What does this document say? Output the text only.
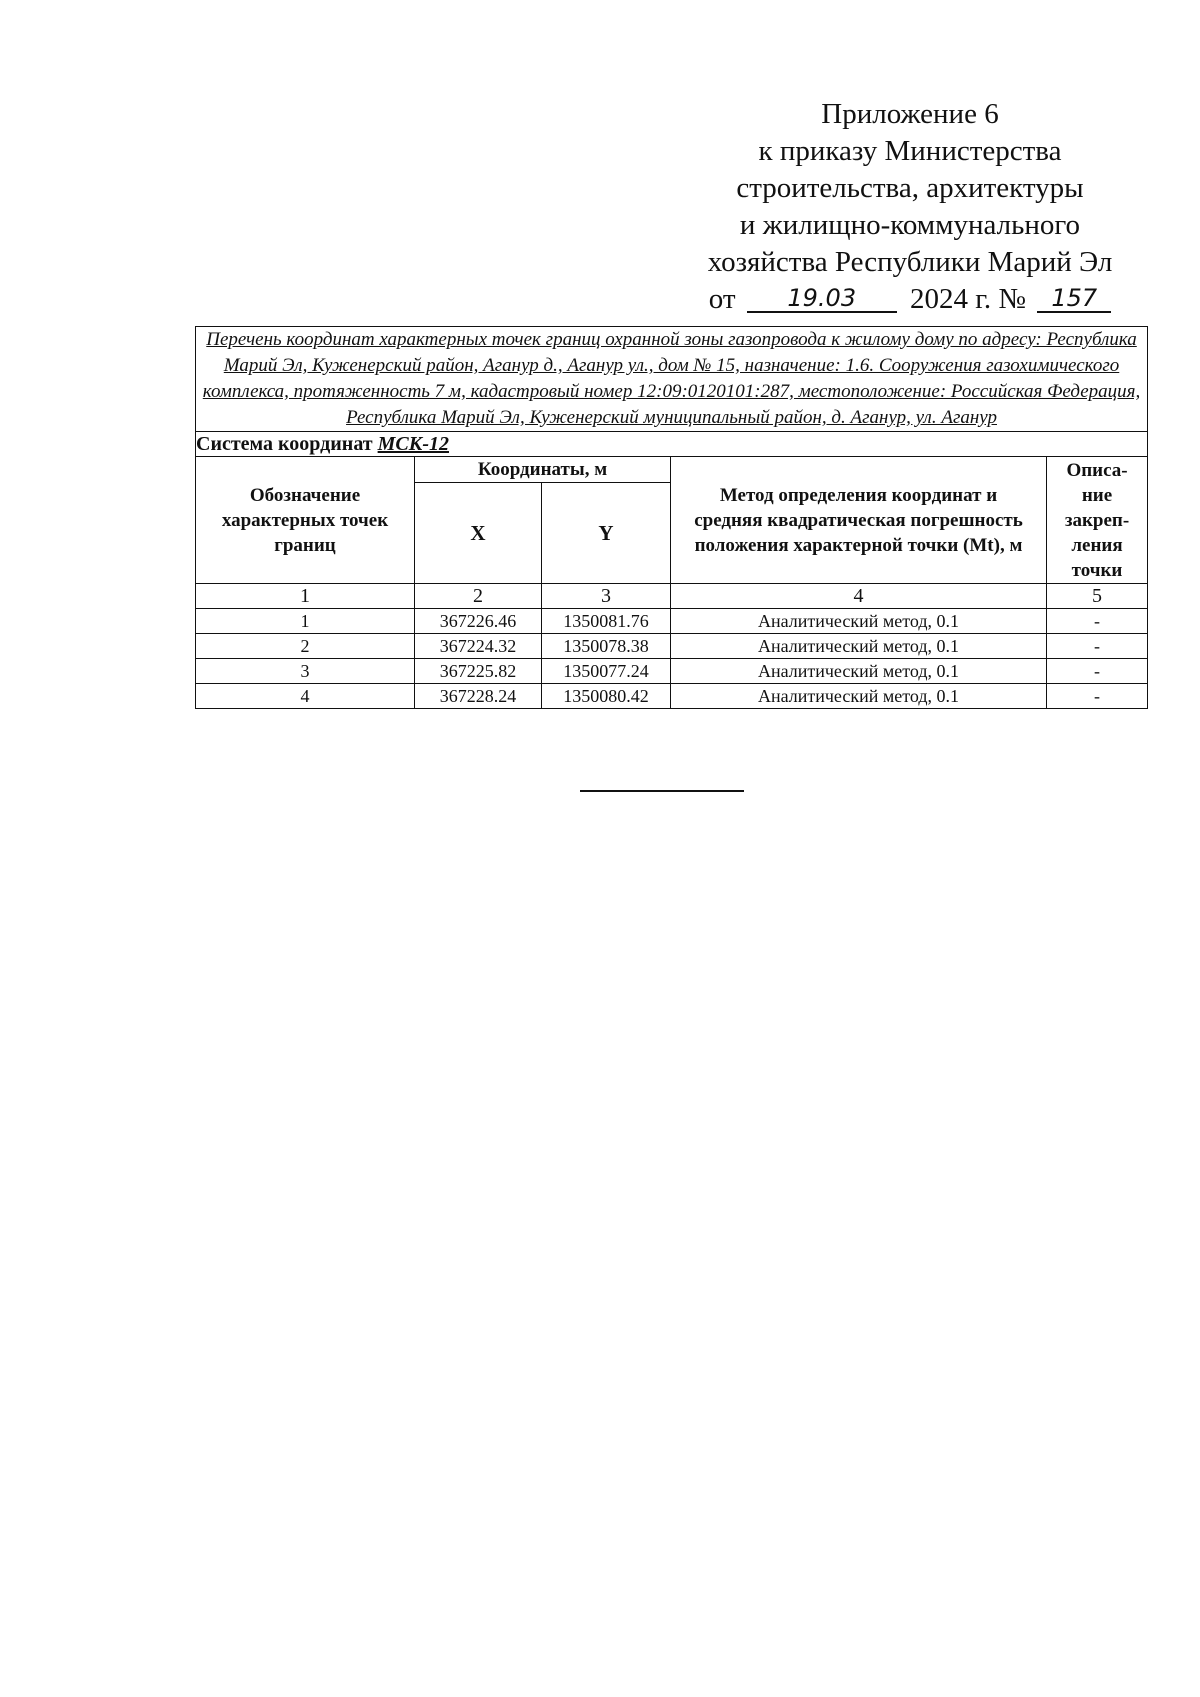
Приложение 6
к приказу Министерства
строительства, архитектуры
и жилищно-коммунального
хозяйства Республики Марий Эл
от 19.03 2024 г. № 157
Перечень координат характерных точек границ охранной зоны газопровода к жилому дому по адресу: Республика Марий Эл, Куженерский район, Аганур д., Аганур ул., дом № 15, назначение: 1.6. Сооружения газохимического комплекса, протяженность 7 м, кадастровый номер 12:09:0120101:287, местоположение: Российская Федерация, Республика Марий Эл, Куженерский муниципальный район, д. Аганур, ул. Аганур				
Система координат МСК-12				
Обозначение характерных точек границ	Координаты, м		Метод определения координат и средняя квадратическая погрешность положения характерной точки (Mt), м	Описа-ние закреп-ления точки
	X	Y		
1	2	3	4	5
1	367226.46	1350081.76	Аналитический метод, 0.1	-
2	367224.32	1350078.38	Аналитический метод, 0.1	-
3	367225.82	1350077.24	Аналитический метод, 0.1	-
4	367228.24	1350080.42	Аналитический метод, 0.1	-
